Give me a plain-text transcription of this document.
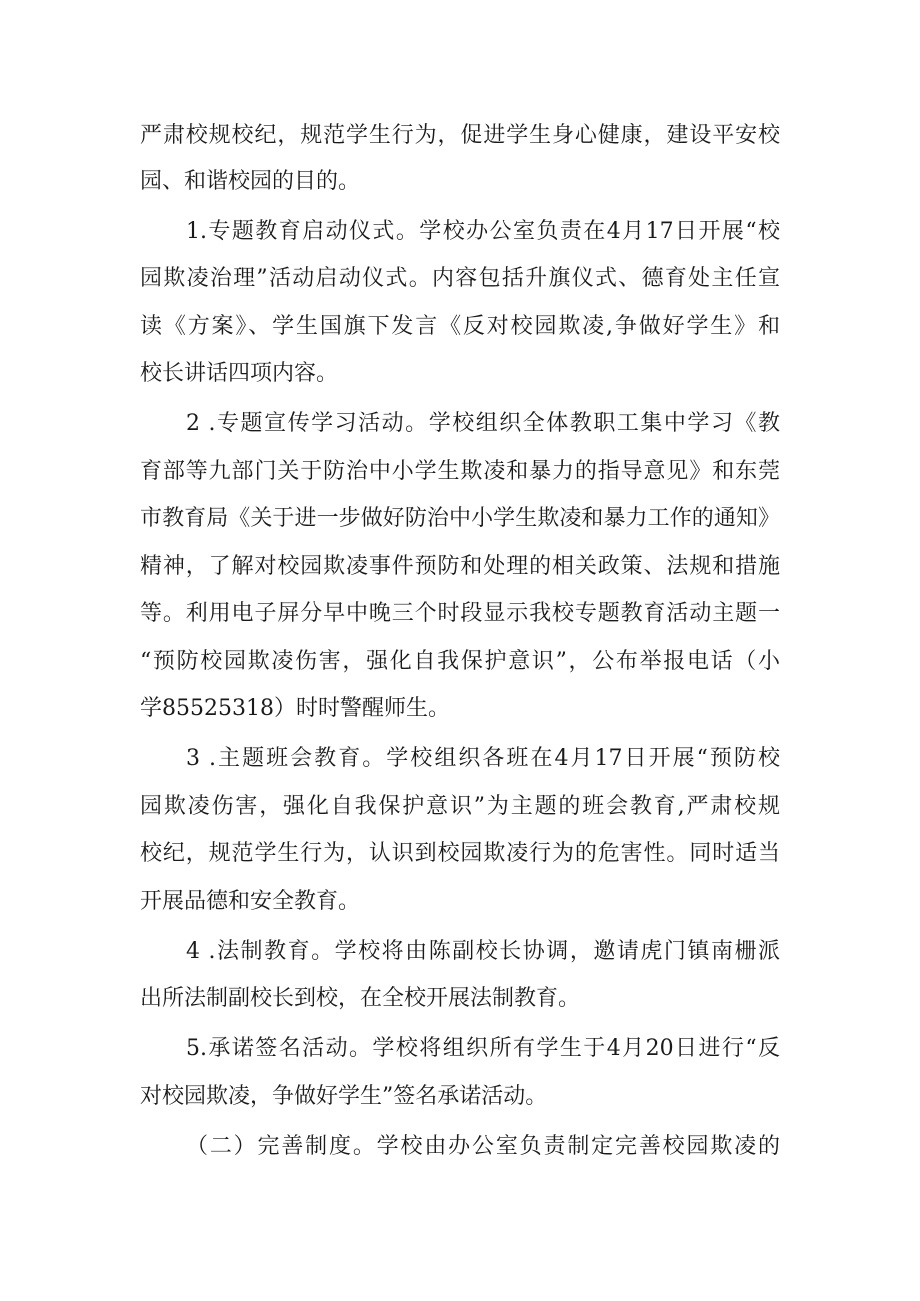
严肃校规校纪，规范学生行为，促进学生身心健康，建设平安校
园、和谐校园的目的。
1.专题教育启动仪式。学校办公室负责在4月17日开展“校
园欺凌治理”活动启动仪式。内容包括升旗仪式、德育处主任宣
读《方案》、学生国旗下发言《反对校园欺凌,争做好学生》和
校长讲话四项内容。
2 .专题宣传学习活动。学校组织全体教职工集中学习《教
育部等九部门关于防治中小学生欺凌和暴力的指导意见》和东莞
市教育局《关于进一步做好防治中小学生欺凌和暴力工作的通知》
精神，了解对校园欺凌事件预防和处理的相关政策、法规和措施
等。利用电子屏分早中晚三个时段显示我校专题教育活动主题一
“预防校园欺凌伤害，强化自我保护意识”，公布举报电话（小
学85525318）时时警醒师生。
3 .主题班会教育。学校组织各班在4月17日开展“预防校
园欺凌伤害，强化自我保护意识”为主题的班会教育,严肃校规
校纪，规范学生行为，认识到校园欺凌行为的危害性。同时适当
开展品德和安全教育。
4 .法制教育。学校将由陈副校长协调，邀请虎门镇南栅派
出所法制副校长到校，在全校开展法制教育。
5.承诺签名活动。学校将组织所有学生于4月20日进行“反
对校园欺凌，争做好学生”签名承诺活动。
（二）完善制度。学校由办公室负责制定完善校园欺凌的
